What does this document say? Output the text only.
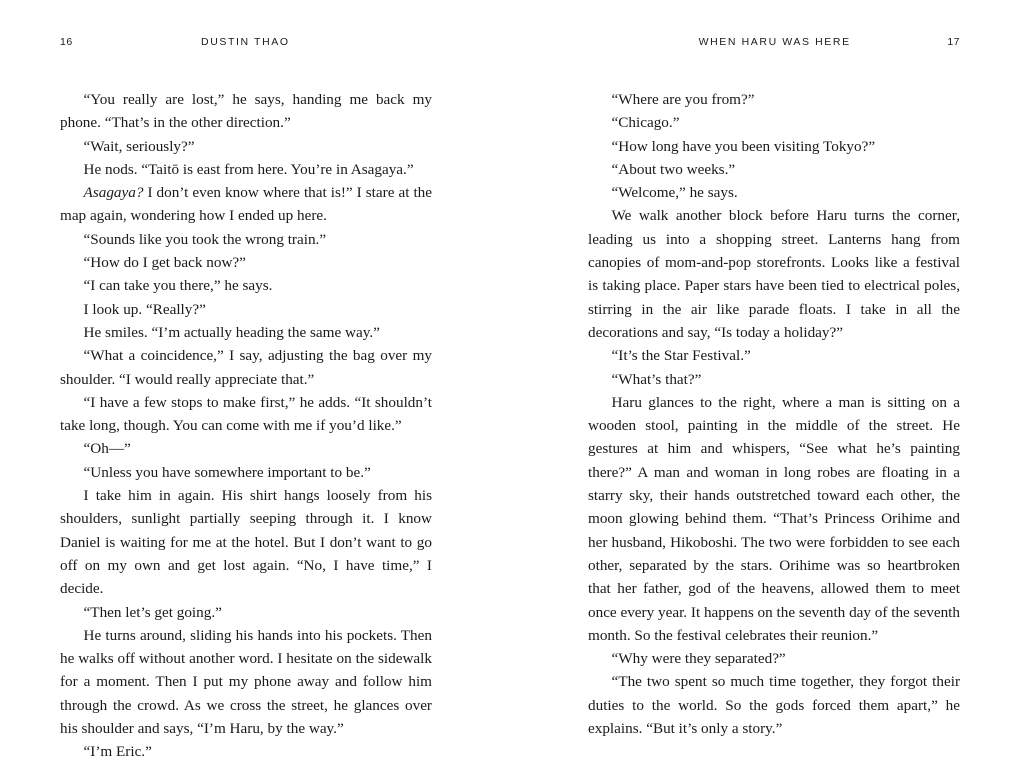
16	DUSTIN THAO

“You really are lost,” he says, handing me back my phone. “That’s in the other direction.”

“Wait, seriously?”

He nods. “Taitō is east from here. You’re in Asagaya.”

Asagaya? I don’t even know where that is!” I stare at the map again, wondering how I ended up here.

“Sounds like you took the wrong train.”

“How do I get back now?”

“I can take you there,” he says.

I look up. “Really?”

He smiles. “I’m actually heading the same way.”

“What a coincidence,” I say, adjusting the bag over my shoulder. “I would really appreciate that.”

“I have a few stops to make first,” he adds. “It shouldn’t take long, though. You can come with me if you’d like.”

“Oh—”

“Unless you have somewhere important to be.”

I take him in again. His shirt hangs loosely from his shoulders, sunlight partially seeping through it. I know Daniel is waiting for me at the hotel. But I don’t want to go off on my own and get lost again. “No, I have time,” I decide.

“Then let’s get going.”

He turns around, sliding his hands into his pockets. Then he walks off without another word. I hesitate on the sidewalk for a moment. Then I put my phone away and follow him through the crowd. As we cross the street, he glances over his shoulder and says, “I’m Haru, by the way.”

“I’m Eric.”

WHEN HARU WAS HERE	17

“Where are you from?”

“Chicago.”

“How long have you been visiting Tokyo?”

“About two weeks.”

“Welcome,” he says.

We walk another block before Haru turns the corner, leading us into a shopping street. Lanterns hang from canopies of mom-and-pop storefronts. Looks like a festival is taking place. Paper stars have been tied to electrical poles, stirring in the air like parade floats. I take in all the decorations and say, “Is today a holiday?”

“It’s the Star Festival.”

“What’s that?”

Haru glances to the right, where a man is sitting on a wooden stool, painting in the middle of the street. He gestures at him and whispers, “See what he’s painting there?” A man and woman in long robes are floating in a starry sky, their hands outstretched toward each other, the moon glowing behind them. “That’s Princess Orihime and her husband, Hikoboshi. The two were forbidden to see each other, separated by the stars. Orihime was so heartbroken that her father, god of the heavens, allowed them to meet once every year. It happens on the seventh day of the seventh month. So the festival celebrates their reunion.”

“Why were they separated?”

“The two spent so much time together, they forgot their duties to the world. So the gods forced them apart,” he explains. “But it’s only a story.”
